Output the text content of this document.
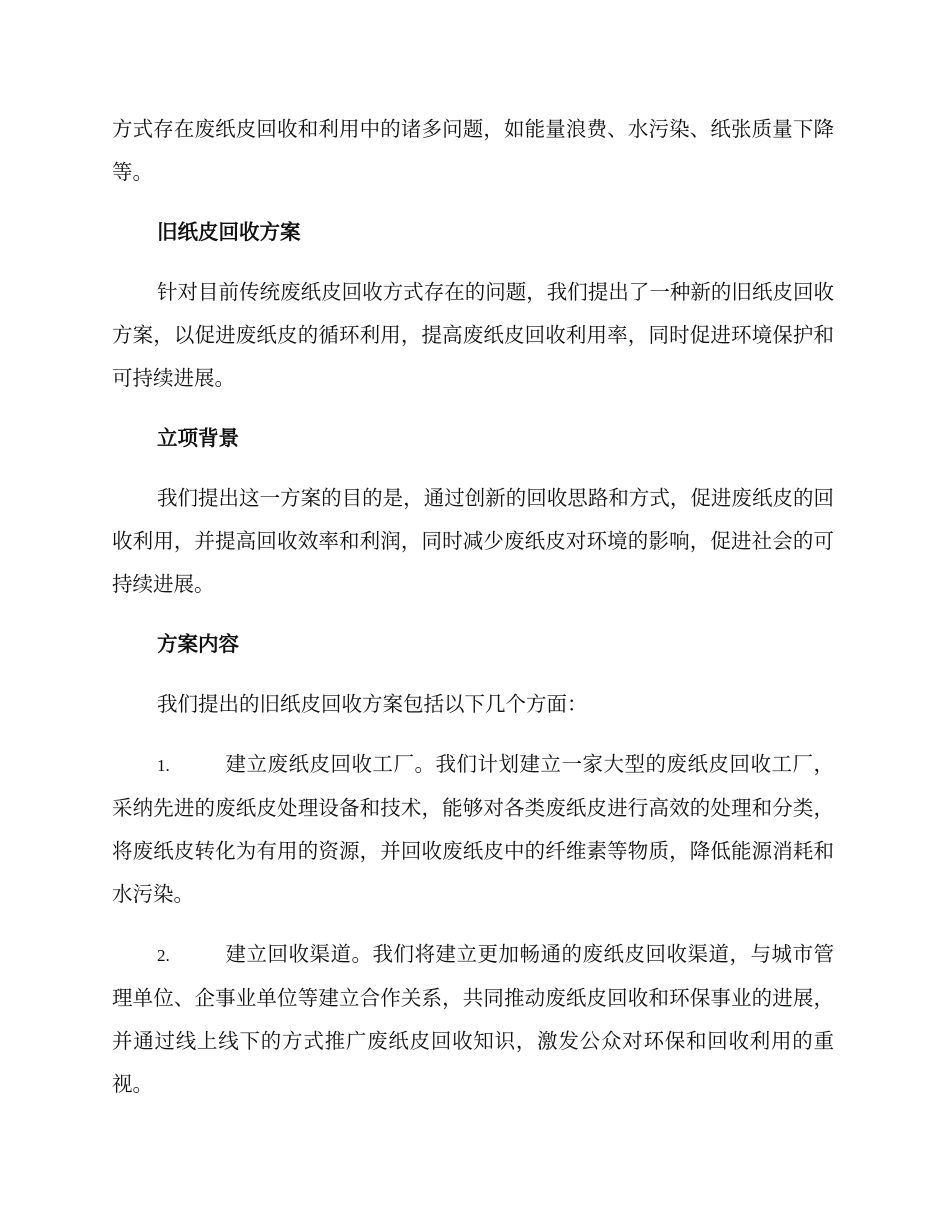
方式存在废纸皮回收和利用中的诸多问题，如能量浪费、水污染、纸张质量下降等。

旧纸皮回收方案

针对目前传统废纸皮回收方式存在的问题，我们提出了一种新的旧纸皮回收方案，以促进废纸皮的循环利用，提高废纸皮回收利用率，同时促进环境保护和可持续进展。

立项背景

我们提出这一方案的目的是，通过创新的回收思路和方式，促进废纸皮的回收利用，并提高回收效率和利润，同时减少废纸皮对环境的影响，促进社会的可持续进展。

方案内容

我们提出的旧纸皮回收方案包括以下几个方面：

1.	建立废纸皮回收工厂。我们计划建立一家大型的废纸皮回收工厂，采纳先进的废纸皮处理设备和技术，能够对各类废纸皮进行高效的处理和分类，将废纸皮转化为有用的资源，并回收废纸皮中的纤维素等物质，降低能源消耗和水污染。

2.	建立回收渠道。我们将建立更加畅通的废纸皮回收渠道，与城市管理单位、企事业单位等建立合作关系，共同推动废纸皮回收和环保事业的进展，并通过线上线下的方式推广废纸皮回收知识，激发公众对环保和回收利用的重视。
